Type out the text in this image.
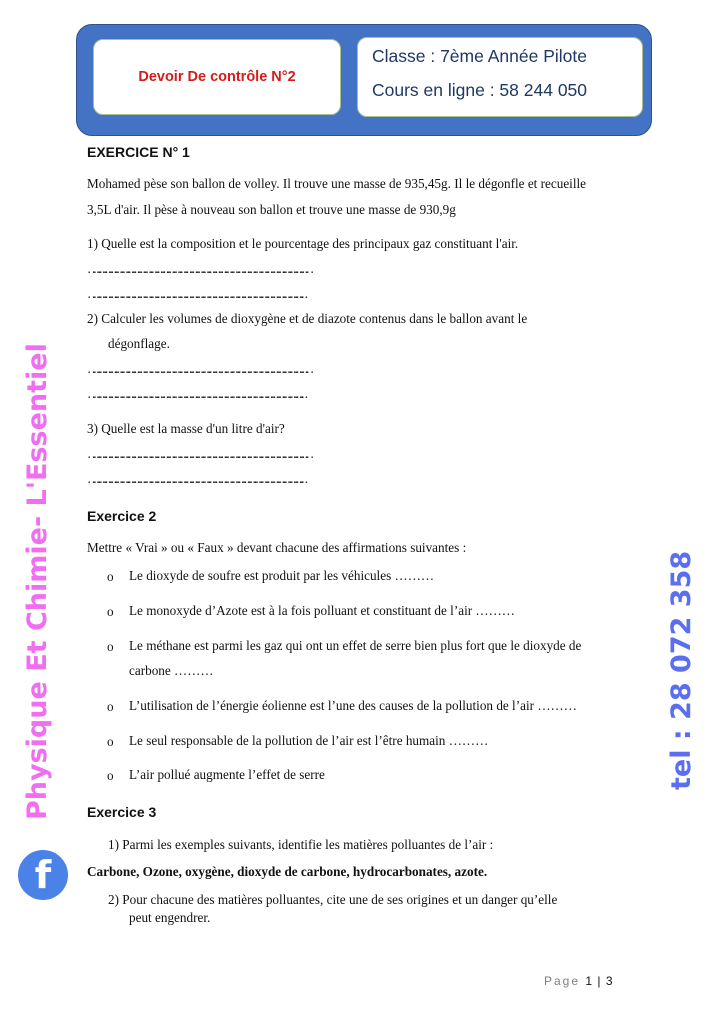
Devoir De contrôle N°2
Classe : 7ème Année Pilote
Cours en ligne : 58 244 050
EXERCICE N° 1
Mohamed pèse son ballon de volley. Il trouve une masse de 935,45g. Il le dégonfle et recueille
3,5L d'air. Il pèse à nouveau son ballon et trouve une masse de 930,9g
1) Quelle est la composition et le pourcentage des principaux gaz constituant l'air.
……………………………………………………………………………………………………
………………………………………………………………………………………………….
2) Calculer les volumes de dioxygène et de diazote contenus dans le ballon avant le
dégonflage.
……………………………………………………………………………………………………
………………………………………………………………………………………………….
3) Quelle est la masse d'un litre d'air?
……………………………………………………………………………………………………
………………………………………………………………………………………………….
Exercice 2
Mettre « Vrai » ou « Faux » devant chacune des affirmations suivantes :
o Le dioxyde de soufre est produit par les véhicules ………
o Le monoxyde d’Azote est à la fois polluant et constituant de l’air ………
o Le méthane est parmi les gaz qui ont un effet de serre bien plus fort que le dioxyde de
carbone ………
o L’utilisation de l’énergie éolienne est l’une des causes de la pollution de l’air ………
o Le seul responsable de la pollution de l’air est l’être humain ………
o L’air pollué augmente l’effet de serre
Exercice 3
1) Parmi les exemples suivants, identifie les matières polluantes de l’air :
Carbone, Ozone, oxygène, dioxyde de carbone, hydrocarbonates, azote.
2) Pour chacune des matières polluantes, cite une de ses origines et un danger qu’elle
peut engendrer.
Physique Et Chimie- L'Essentiel	tel : 28 072 358
f
Page 1 | 3
